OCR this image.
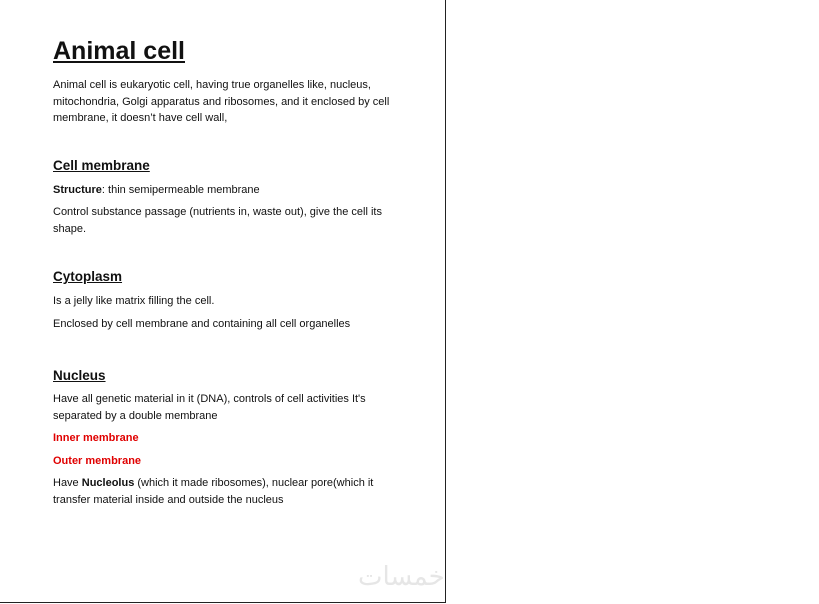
Animal cell

Animal cell is eukaryotic cell, having true organelles like, nucleus, mitochondria, Golgi apparatus and ribosomes, and it enclosed by cell membrane, it doesn’t have cell wall,

Cell membrane

Structure: thin semipermeable membrane

Control substance passage (nutrients in, waste out), give the cell its shape.

Cytoplasm

Is a jelly like matrix filling the cell.

Enclosed by cell membrane and containing all cell organelles

Nucleus

Have all genetic material in it (DNA), controls of cell activities It's separated by a double membrane

Inner membrane

Outer membrane

Have Nucleolus (which it made ribosomes), nuclear pore(which it transfer material inside and outside the nucleus

خمسات
